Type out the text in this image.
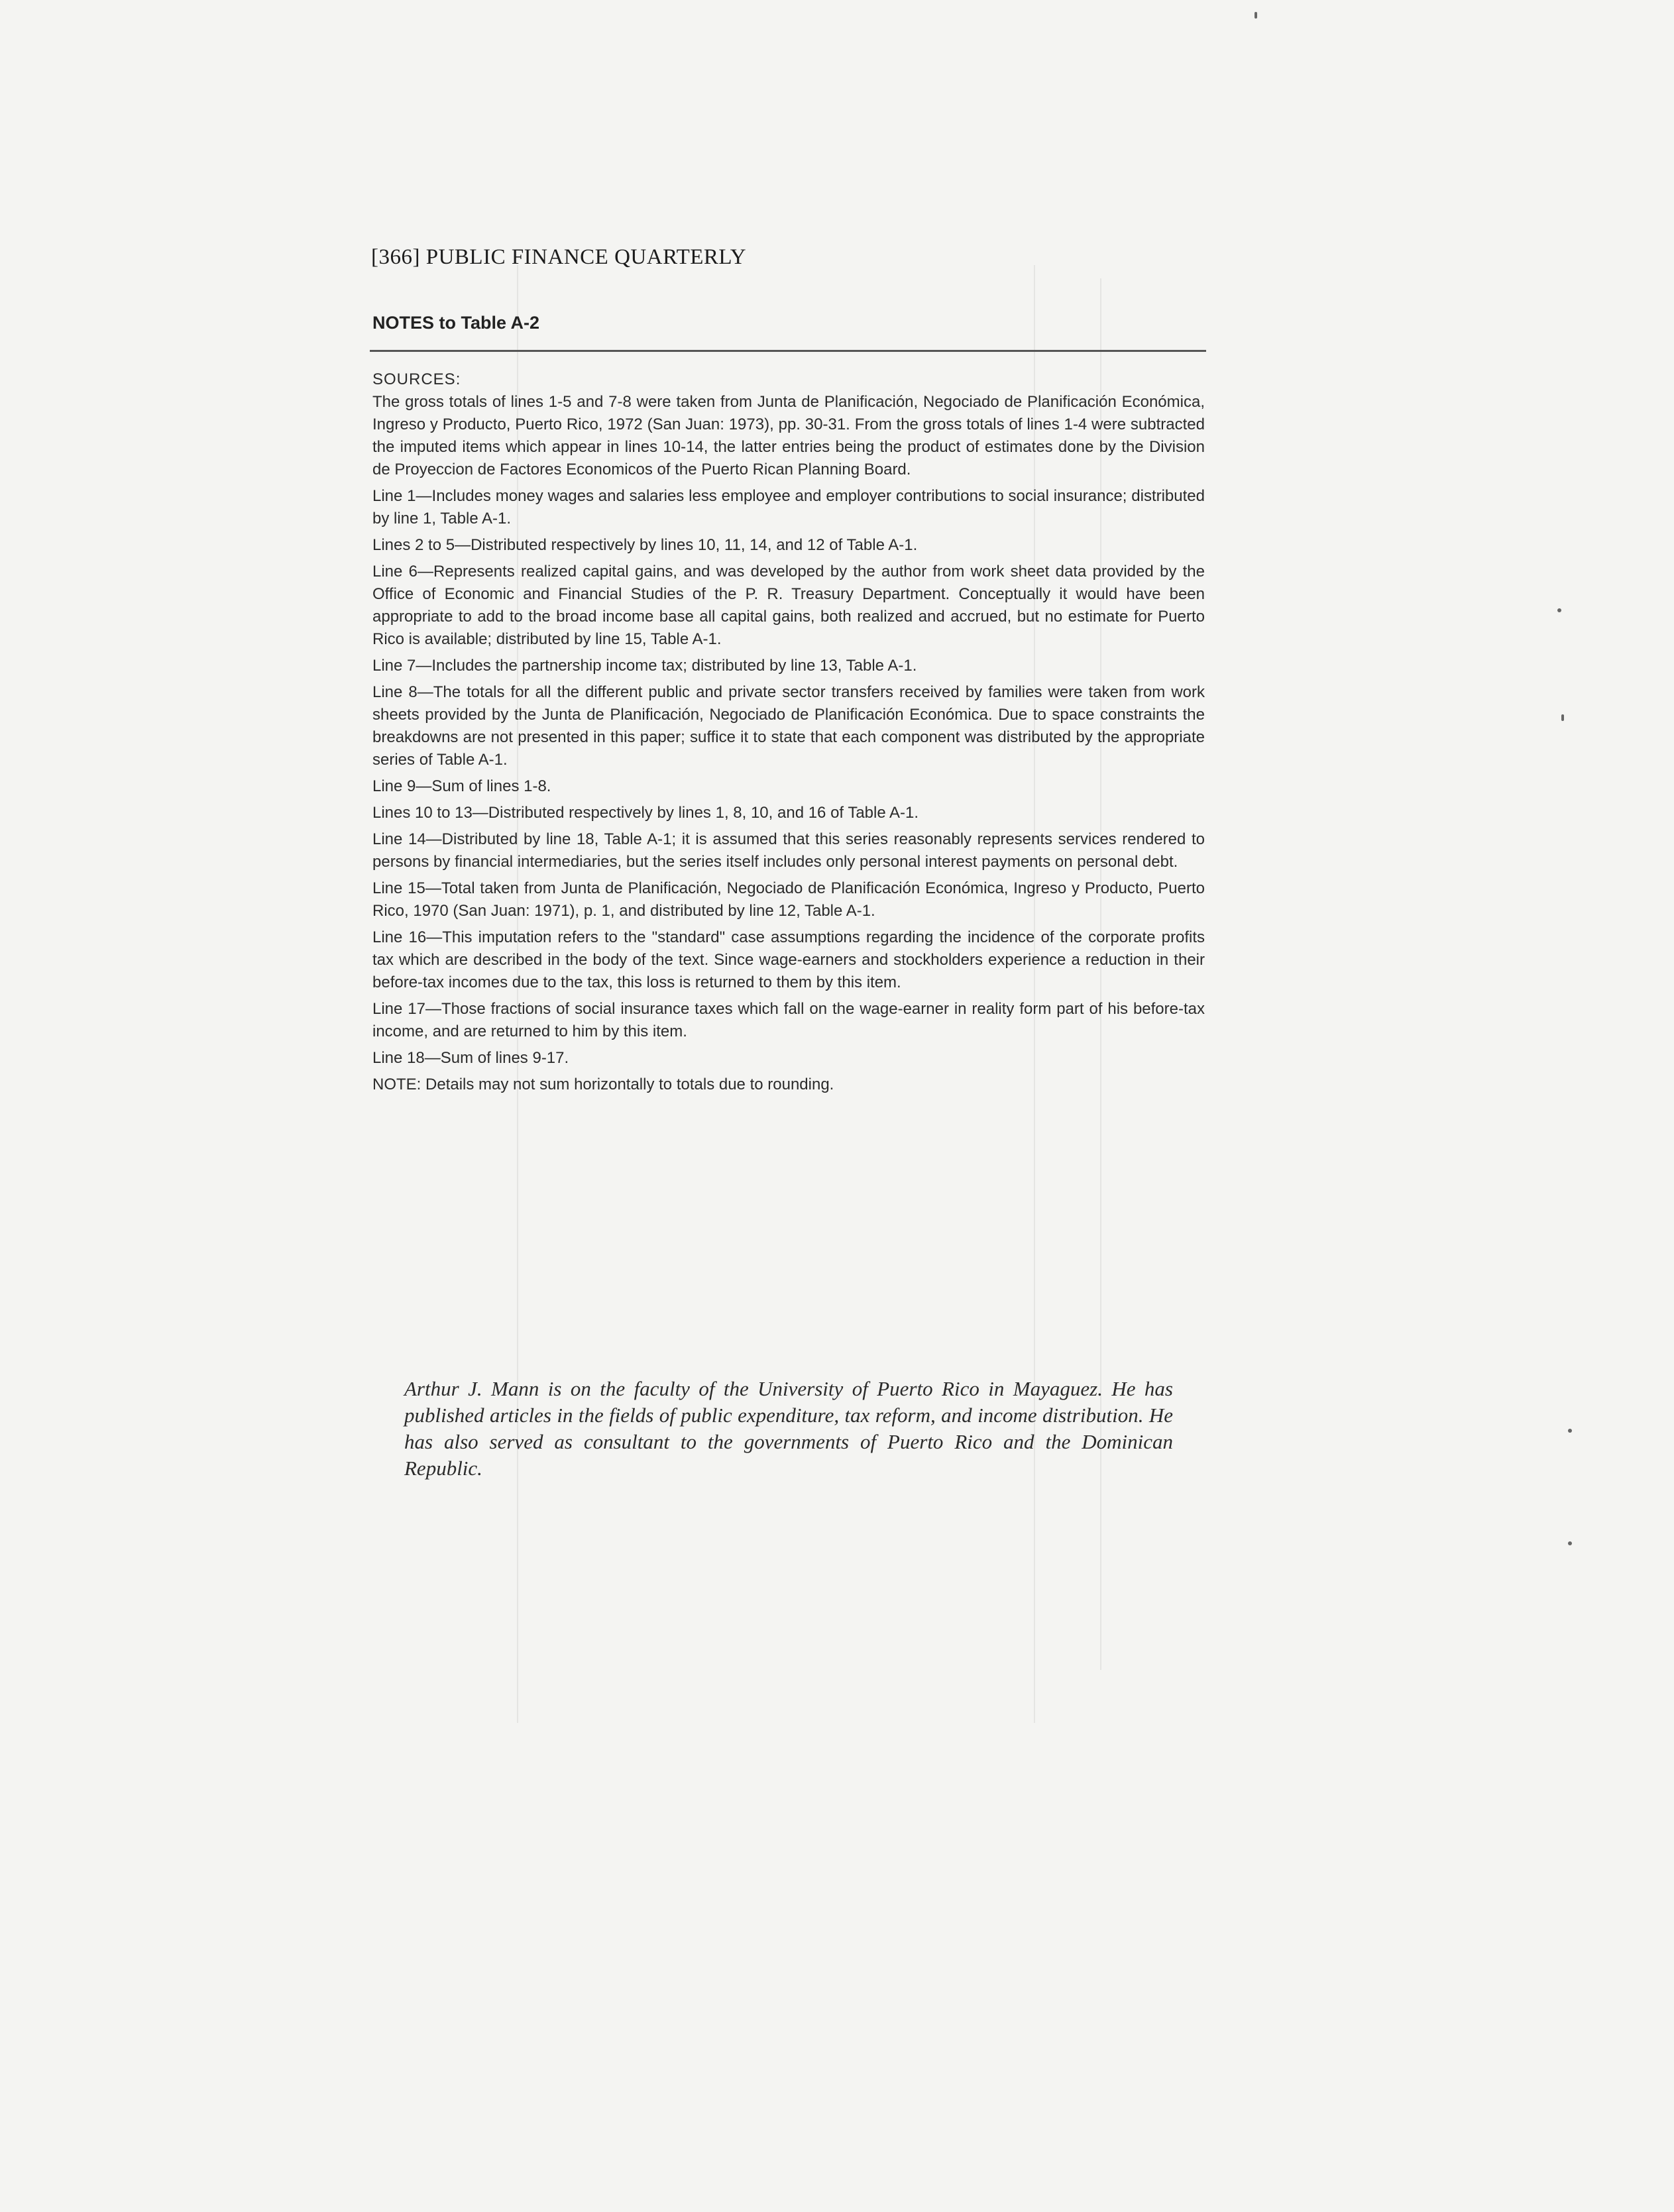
[366] PUBLIC FINANCE QUARTERLY
NOTES to Table A-2

SOURCES:

The gross totals of lines 1-5 and 7-8 were taken from Junta de Planificación, Negociado de Planificación Económica, Ingreso y Producto, Puerto Rico, 1972 (San Juan: 1973), pp. 30-31. From the gross totals of lines 1-4 were subtracted the imputed items which appear in lines 10-14, the latter entries being the product of estimates done by the Division de Proyeccion de Factores Economicos of the Puerto Rican Planning Board.

Line 1—Includes money wages and salaries less employee and employer contributions to social insurance; distributed by line 1, Table A-1.

Lines 2 to 5—Distributed respectively by lines 10, 11, 14, and 12 of Table A-1.

Line 6—Represents realized capital gains, and was developed by the author from work sheet data provided by the Office of Economic and Financial Studies of the P. R. Treasury Department. Conceptually it would have been appropriate to add to the broad income base all capital gains, both realized and accrued, but no estimate for Puerto Rico is available; distributed by line 15, Table A-1.

Line 7—Includes the partnership income tax; distributed by line 13, Table A-1.

Line 8—The totals for all the different public and private sector transfers received by families were taken from work sheets provided by the Junta de Planificación, Negociado de Planificación Económica. Due to space constraints the breakdowns are not presented in this paper; suffice it to state that each component was distributed by the appropriate series of Table A-1.

Line 9—Sum of lines 1-8.

Lines 10 to 13—Distributed respectively by lines 1, 8, 10, and 16 of Table A-1.

Line 14—Distributed by line 18, Table A-1; it is assumed that this series reasonably represents services rendered to persons by financial intermediaries, but the series itself includes only personal interest payments on personal debt.

Line 15—Total taken from Junta de Planificación, Negociado de Planificación Económica, Ingreso y Producto, Puerto Rico, 1970 (San Juan: 1971), p. 1, and distributed by line 12, Table A-1.

Line 16—This imputation refers to the "standard" case assumptions regarding the incidence of the corporate profits tax which are described in the body of the text. Since wage-earners and stockholders experience a reduction in their before-tax incomes due to the tax, this loss is returned to them by this item.

Line 17—Those fractions of social insurance taxes which fall on the wage-earner in reality form part of his before-tax income, and are returned to him by this item.

Line 18—Sum of lines 9-17.

NOTE: Details may not sum horizontally to totals due to rounding.

Arthur J. Mann is on the faculty of the University of Puerto Rico in Mayaguez. He has published articles in the fields of public expenditure, tax reform, and income distribution. He has also served as consultant to the governments of Puerto Rico and the Dominican Republic.
